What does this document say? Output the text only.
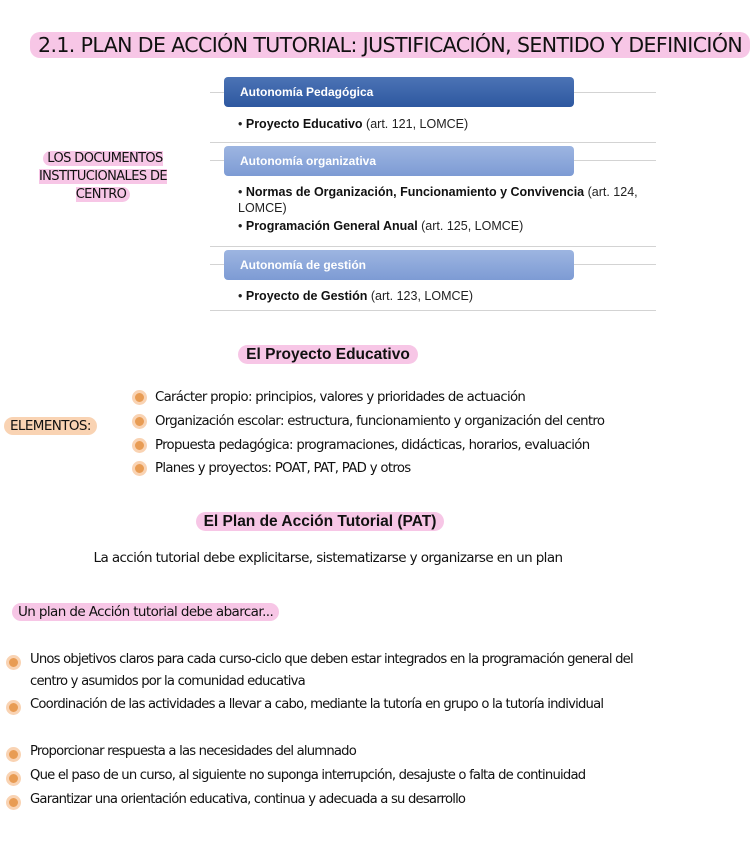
2.1. PLAN DE ACCIÓN TUTORIAL: JUSTIFICACIÓN, SENTIDO Y DEFINICIÓN
LOS DOCUMENTOS INSTITUCIONALES DE CENTRO
Autonomía Pedagógica
• Proyecto Educativo (art. 121, LOMCE)
Autonomía organizativa
• Normas de Organización, Funcionamiento y Convivencia (art. 124, LOMCE)
• Programación General Anual (art. 125, LOMCE)
Autonomía de gestión
• Proyecto de Gestión (art. 123, LOMCE)
El Proyecto Educativo
ELEMENTOS:
Carácter propio: principios, valores y prioridades de actuación
Organización escolar: estructura, funcionamiento y organización del centro
Propuesta pedagógica: programaciones, didácticas, horarios, evaluación
Planes y proyectos: POAT, PAT, PAD y otros
El Plan de Acción Tutorial (PAT)
La acción tutorial debe explicitarse, sistematizarse y organizarse en un plan
Un plan de Acción tutorial debe abarcar...
Unos objetivos claros para cada curso-ciclo que deben estar integrados en la programación general del centro y asumidos por la comunidad educativa
Coordinación de las actividades a llevar a cabo, mediante la tutoría en grupo o la tutoría individual
Proporcionar respuesta a las necesidades del alumnado
Que el paso de un curso, al siguiente no suponga interrupción, desajuste o falta de continuidad
Garantizar una orientación educativa, continua y adecuada a su desarrollo
